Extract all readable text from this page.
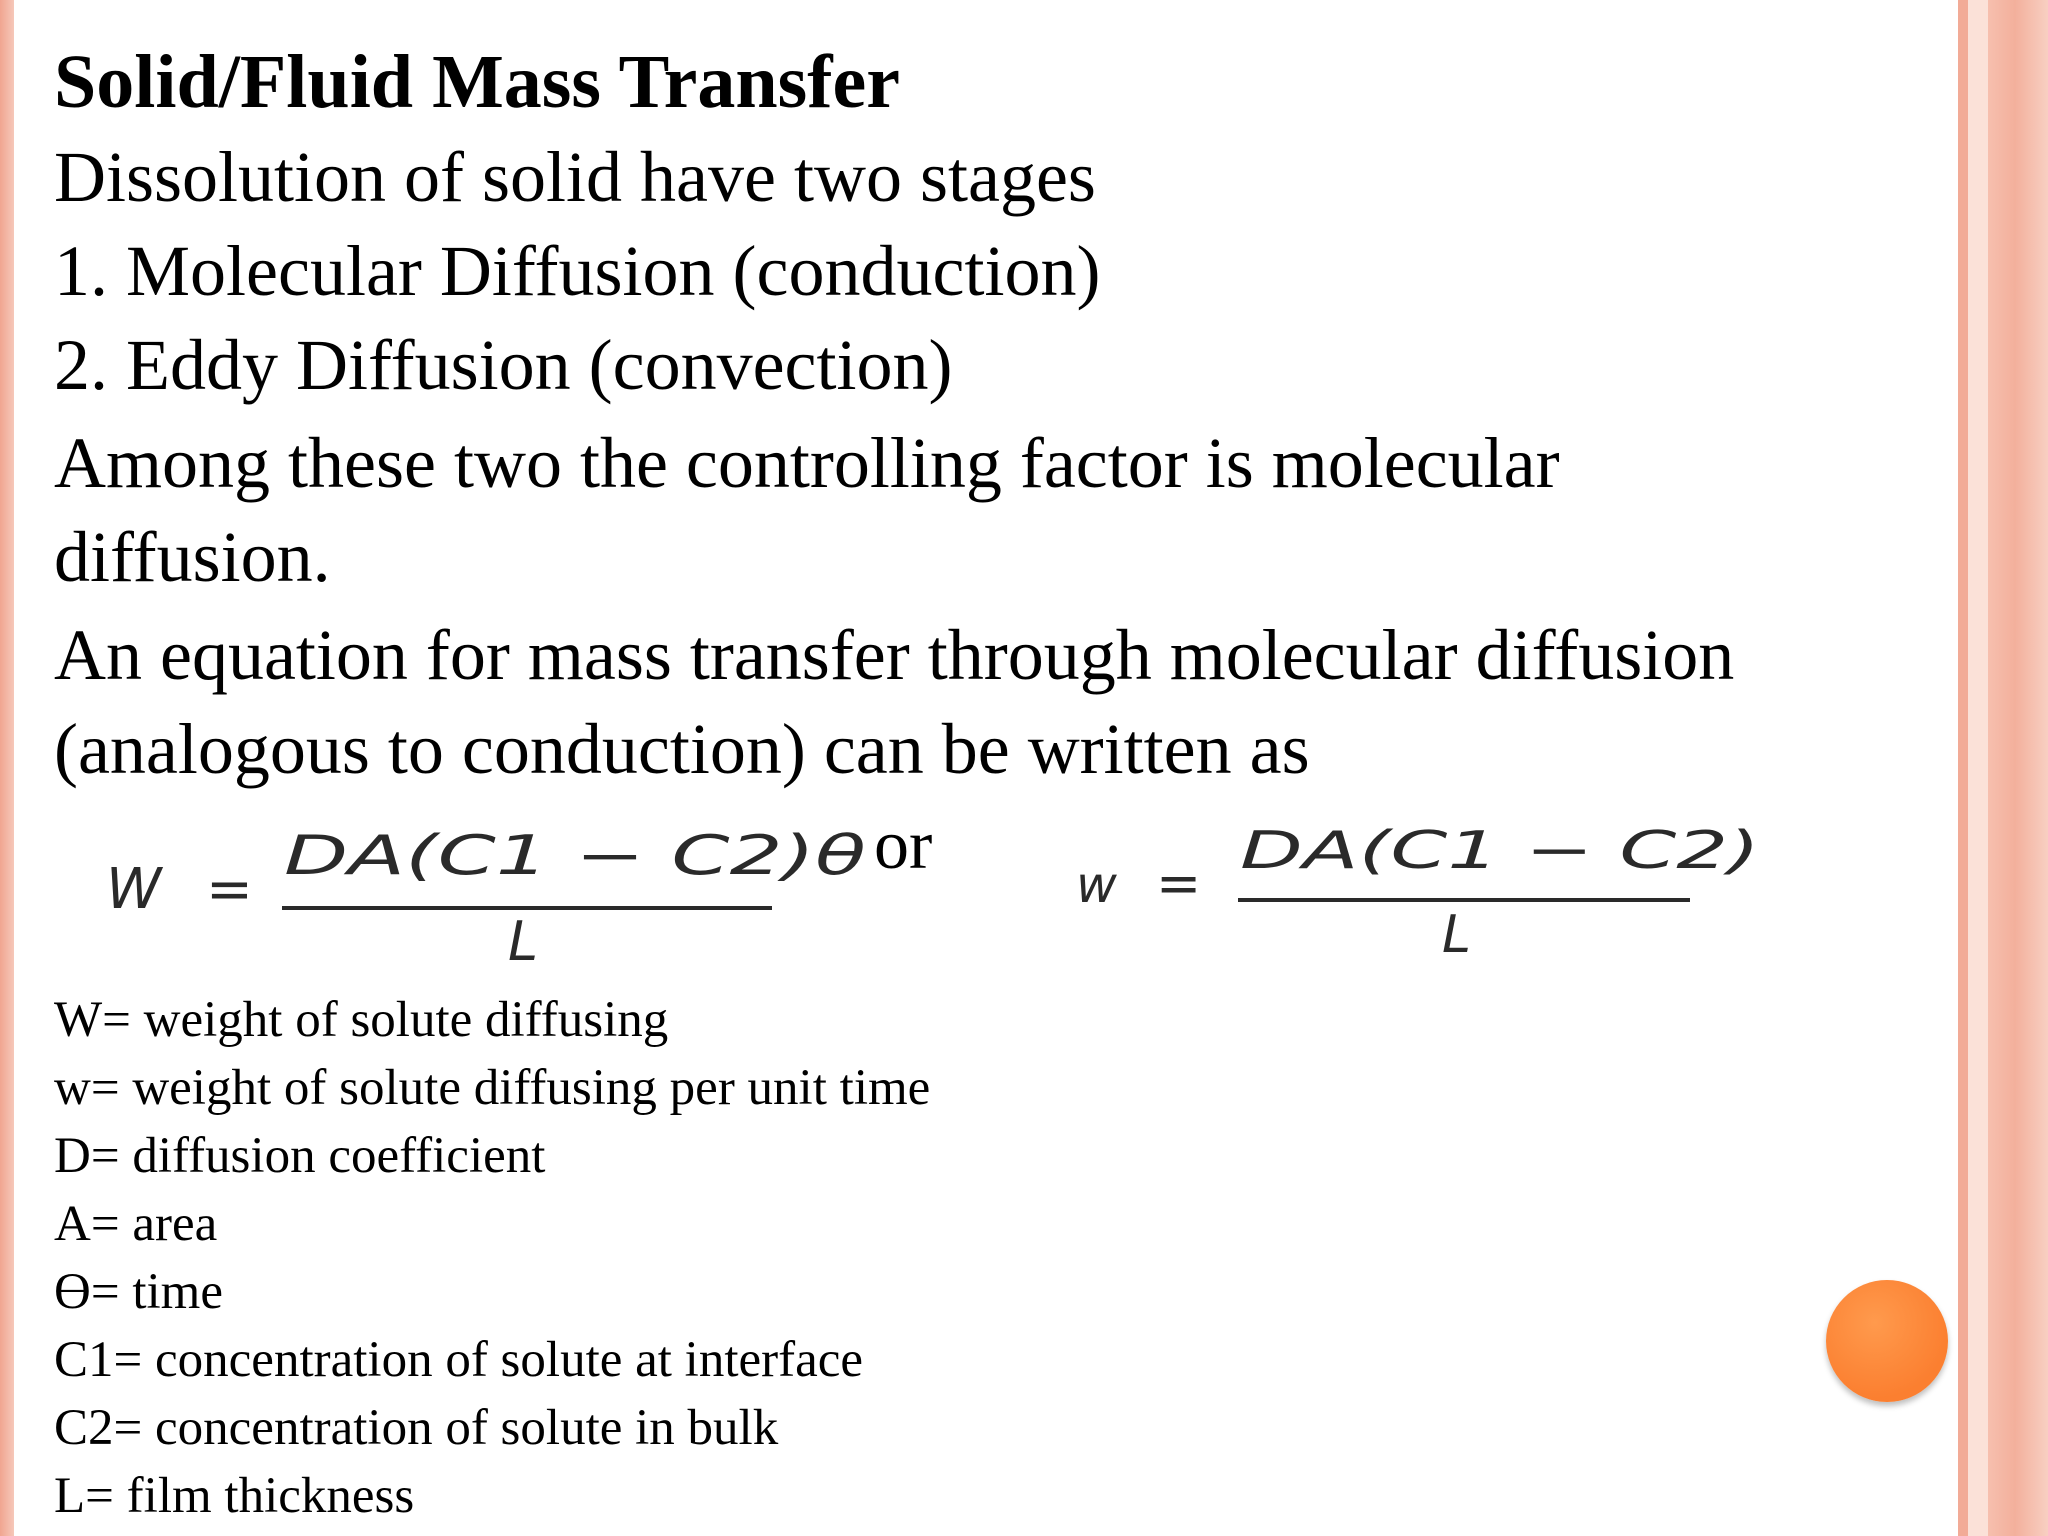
Solid/Fluid Mass Transfer
Dissolution of solid have two stages
1. Molecular Diffusion (conduction)
2. Eddy Diffusion (convection)
Among these two the controlling factor is molecular
diffusion.
An equation for mass transfer through molecular diffusion
(analogous to conduction) can be written as
W =
DA(C1 − C2)θ
L
or
w =
DA(C1 − C2)
L
W= weight of solute diffusing
w= weight of solute diffusing per unit time
D= diffusion coefficient
A= area
ϴ= time
C1= concentration of solute at interface
C2= concentration of solute in bulk
L= film thickness
